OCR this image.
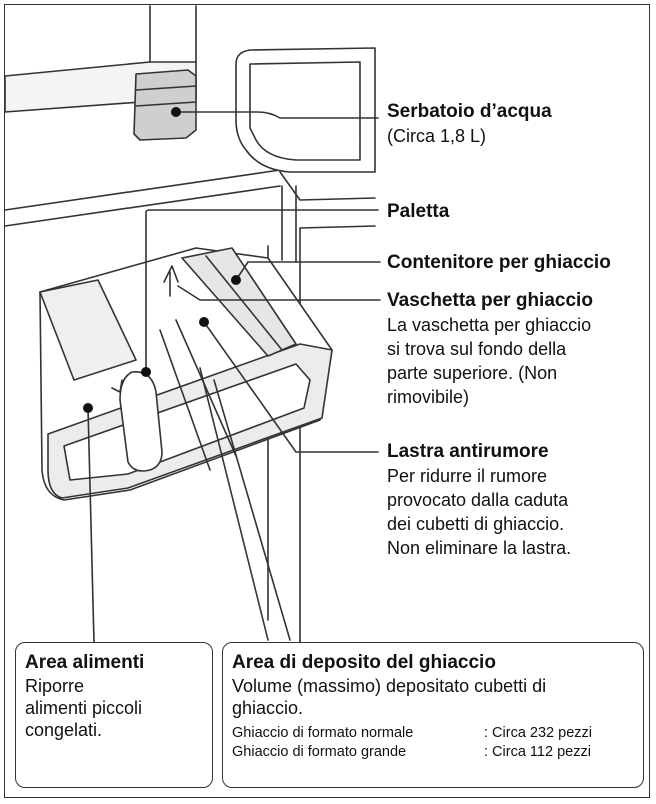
Serbatoio d’acqua
(Circa 1,8 L)
Paletta
Contenitore per ghiaccio
Vaschetta per ghiaccio
La vaschetta per ghiaccio
si trova sul fondo della
parte superiore. (Non
rimovibile)
Lastra antirumore
Per ridurre il rumore
provocato dalla caduta
dei cubetti di ghiaccio.
Non eliminare la lastra.
Area alimenti
Riporre
alimenti piccoli
congelati.
Area di deposito del ghiaccio
Volume (massimo) depositato cubetti di
ghiaccio.
Ghiaccio di formato normale	: Circa 232 pezzi
Ghiaccio di formato grande	: Circa 112 pezzi
